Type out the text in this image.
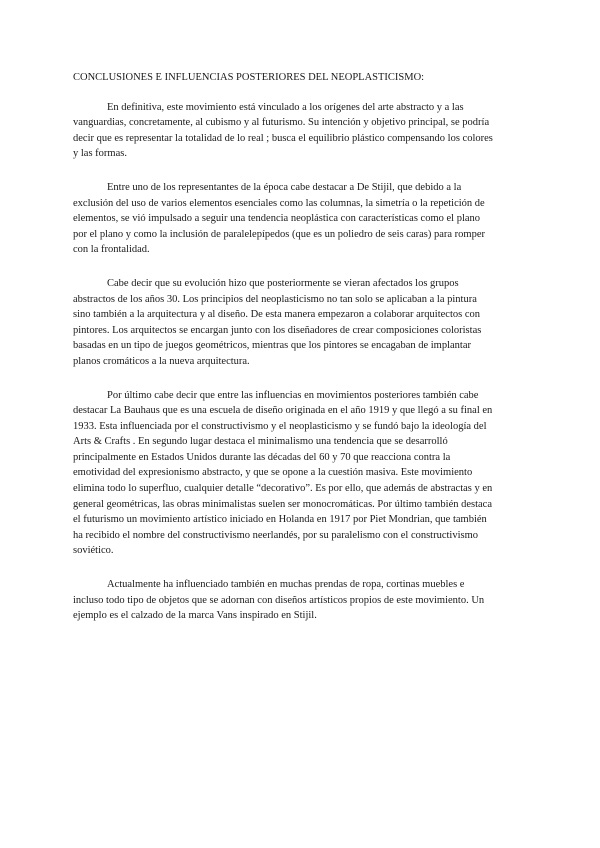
CONCLUSIONES E INFLUENCIAS POSTERIORES DEL NEOPLASTICISMO:

En definitiva, este movimiento está vinculado a los orígenes del arte abstracto y a las vanguardias, concretamente, al cubismo y al futurismo. Su intención y objetivo principal, se podría decir que es representar la totalidad de lo real ; busca el equilibrio plástico compensando los colores y las formas.

Entre uno de los representantes de la época cabe destacar a De Stijil, que debido a la exclusión del uso de varios elementos esenciales como las columnas, la simetría o la repetición de elementos, se vió impulsado a seguir una tendencia neoplástica con características como el plano por el plano y como la inclusión de paralelepípedos (que es un poliedro de seis caras) para romper con la frontalidad.

Cabe decir que su evolución hizo que posteriormente se vieran afectados los grupos abstractos de los años 30. Los principios del neoplasticismo no tan solo se aplicaban a la pintura sino también a la arquitectura y al diseño. De esta manera empezaron a colaborar arquitectos con pintores. Los arquitectos se encargan junto con los diseñadores de crear composiciones coloristas basadas en un tipo de juegos geométricos, mientras que los pintores se encagaban de implantar planos cromáticos a la nueva arquitectura.

Por último cabe decir que entre las influencias en movimientos posteriores también cabe destacar La Bauhaus que es una escuela de diseño originada en el año 1919 y que llegó a su final en 1933. Esta influenciada por el constructivismo y el neoplasticismo y se fundó bajo la ideología del Arts & Crafts . En segundo lugar destaca el minimalismo una tendencia que se desarrolló principalmente en Estados Unidos durante las décadas del 60 y 70 que reacciona contra la emotividad del expresionismo abstracto, y que se opone a la cuestión masiva. Este movimiento elimina todo lo superfluo, cualquier detalle “decorativo”. Es por ello, que además de abstractas y en general geométricas, las obras minimalistas suelen ser monocromáticas. Por último también destaca el futurismo un movimiento artístico iniciado en Holanda en 1917 por Piet Mondrian, que también ha recibido el nombre del constructivismo neerlandés, por su paralelismo con el constructivismo soviético.

Actualmente ha influenciado también en muchas prendas de ropa, cortinas muebles e incluso todo tipo de objetos que se adornan con diseños artísticos propios de este movimiento. Un ejemplo es el calzado de la marca Vans inspirado en Stijil.
